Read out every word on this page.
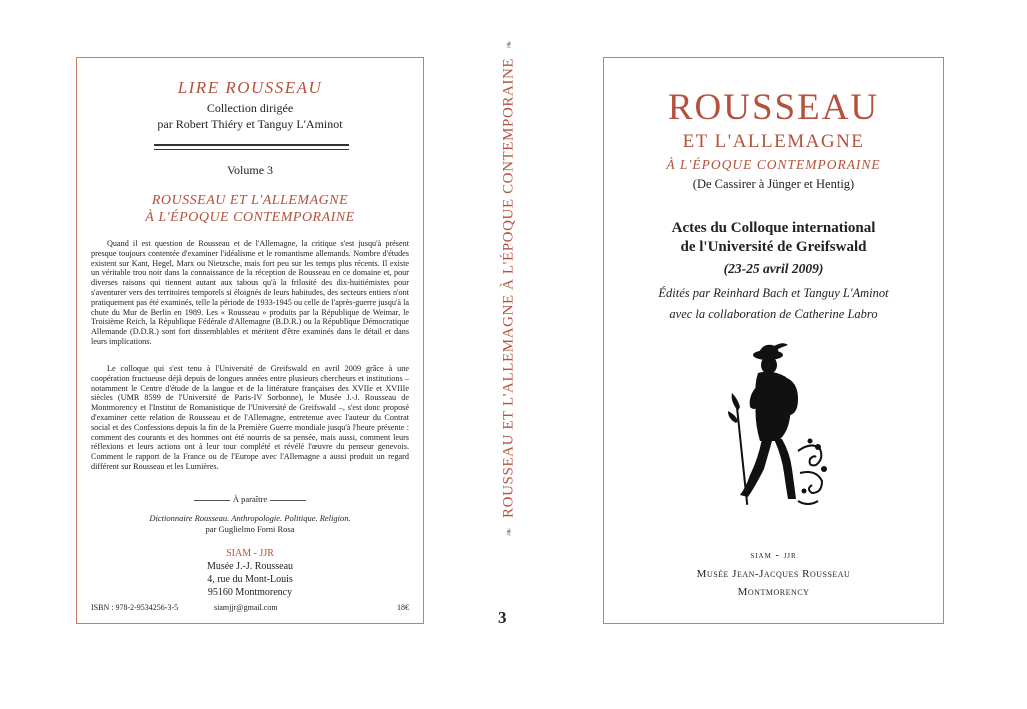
LIRE ROUSSEAU
Collection dirigée
par Robert Thiéry et Tanguy L'Aminot
Volume 3
ROUSSEAU ET L'ALLEMAGNE
À L'ÉPOQUE CONTEMPORAINE

Quand il est question de Rousseau et de l'Allemagne, la critique s'est jusqu'à présent presque toujours contentée d'examiner l'idéalisme et le romantisme allemands. Nombre d'études existent sur Kant, Hegel, Marx ou Nietzsche, mais fort peu sur les temps plus récents. Il existe un véritable trou noir dans la connaissance de la réception de Rousseau en ce domaine et, pour diverses raisons qui tiennent autant aux tabous qu'à la frilosité des dix-huitiémistes pour s'aventurer vers des territoires temporels si éloignés de leurs habitudes, des secteurs entiers n'ont pratiquement pas été examinés, telle la période de 1933-1945 ou celle de l'après-guerre jusqu'à la chute du Mur de Berlin en 1989. Les « Rousseau » produits par la République de Weimar, le Troisième Reich, la République Fédérale d'Allemagne (B.D.R.) ou la République Démocratique Allemande (D.D.R.) sont fort dissemblables et méritent d'être examinés dans le détail et dans leurs implications.

Le colloque qui s'est tenu à l'Université de Greifswald en avril 2009 grâce à une coopération fructueuse déjà depuis de longues années entre plusieurs chercheurs et institutions – notamment le Centre d'étude de la langue et de la littérature françaises des XVIIe et XVIIIe siècles (UMR 8599 de l'Université de Paris-IV Sorbonne), le Musée J.-J. Rousseau de Montmorency et l'Institut de Romanistique de l'Université de Greifswald –, s'est donc proposé d'examiner cette relation de Rousseau et de l'Allemagne, entretenue avec l'auteur du Contrat social et des Confessions depuis la fin de la Première Guerre mondiale jusqu'à l'heure présente : comment des courants et des hommes ont été nourris de sa pensée, mais aussi, comment leurs réflexions et leurs actions ont à leur tour complété et révélé l'œuvre du penseur genevois. Comment le rapport de la France ou de l'Europe avec l'Allemagne a aussi produit un regard différent sur Rousseau et les Lumières.

À paraître
Dictionnaire Rousseau. Anthropologie. Politique. Religion.
par Guglielmo Forni Rosa
SIAM - JJR
Musée J.-J. Rousseau
4, rue du Mont-Louis
95160 Montmorency
ISBN : 978-2-9534256-3-5	siamjjr@gmail.com	18€
❧  ROUSSEAU ET L'ALLEMAGNE À L'ÉPOQUE CONTEMPORAINE  ❧
3
ROUSSEAU
ET L'ALLEMAGNE
À L'ÉPOQUE CONTEMPORAINE
(De Cassirer à Jünger et Hentig)
Actes du Colloque international
de l'Université de Greifswald
(23-25 avril 2009)
Édités par Reinhard Bach et Tanguy L'Aminot
avec la collaboration de Catherine Labro
siam - jjr
Musée Jean-Jacques Rousseau
Montmorency
